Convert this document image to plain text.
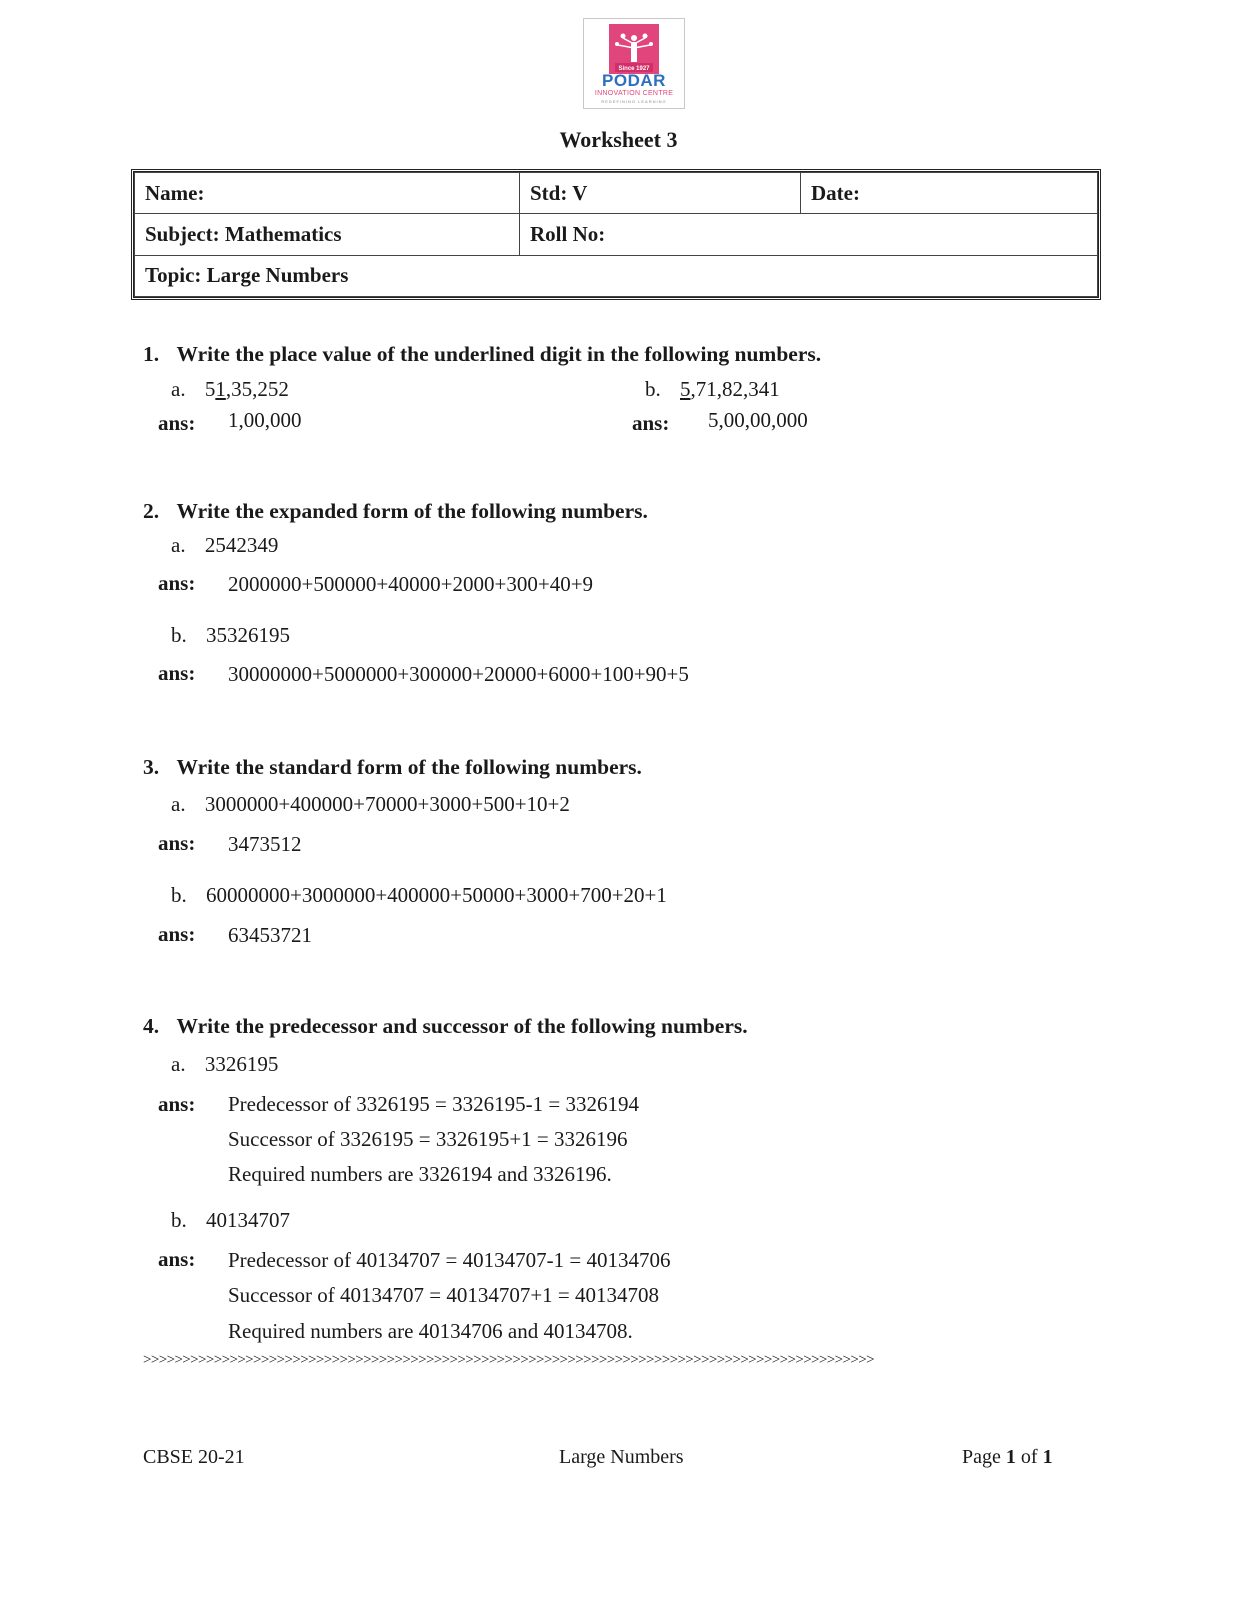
Since 1927
PODAR
INNOVATION CENTRE
REDEFINING LEARNING
Worksheet 3
Name:	Std: V	Date:
Subject: Mathematics	Roll No:	
Topic: Large Numbers		
1. Write the place value of the underlined digit in the following numbers.
a. 51,35,252
ans: 1,00,000
b. 5,71,82,341
ans: 5,00,00,000
2. Write the expanded form of the following numbers.
a. 2542349
ans: 2000000+500000+40000+2000+300+40+9
b. 35326195
ans: 30000000+5000000+300000+20000+6000+100+90+5
3. Write the standard form of the following numbers.
a. 3000000+400000+70000+3000+500+10+2
ans: 3473512
b. 60000000+3000000+400000+50000+3000+700+20+1
ans: 63453721
4. Write the predecessor and successor of the following numbers.
a. 3326195
ans: Predecessor of 3326195 = 3326195-1 = 3326194
Successor of 3326195 = 3326195+1 = 3326196
Required numbers are 3326194 and 3326196.
b. 40134707
ans: Predecessor of 40134707 = 40134707-1 = 40134706
Successor of 40134707 = 40134707+1 = 40134708
Required numbers are 40134706 and 40134708.
>>>>>>>>>>>>>>>>>>>>>>>>>>>>>>>>>>>>>>>>>>>>>>>>>>>>>>>>>>>>>>>>>>>>>>>>>>>>>>>>>>>>>>>>>>>>>
CBSE 20-21	Large Numbers	Page 1 of 1
